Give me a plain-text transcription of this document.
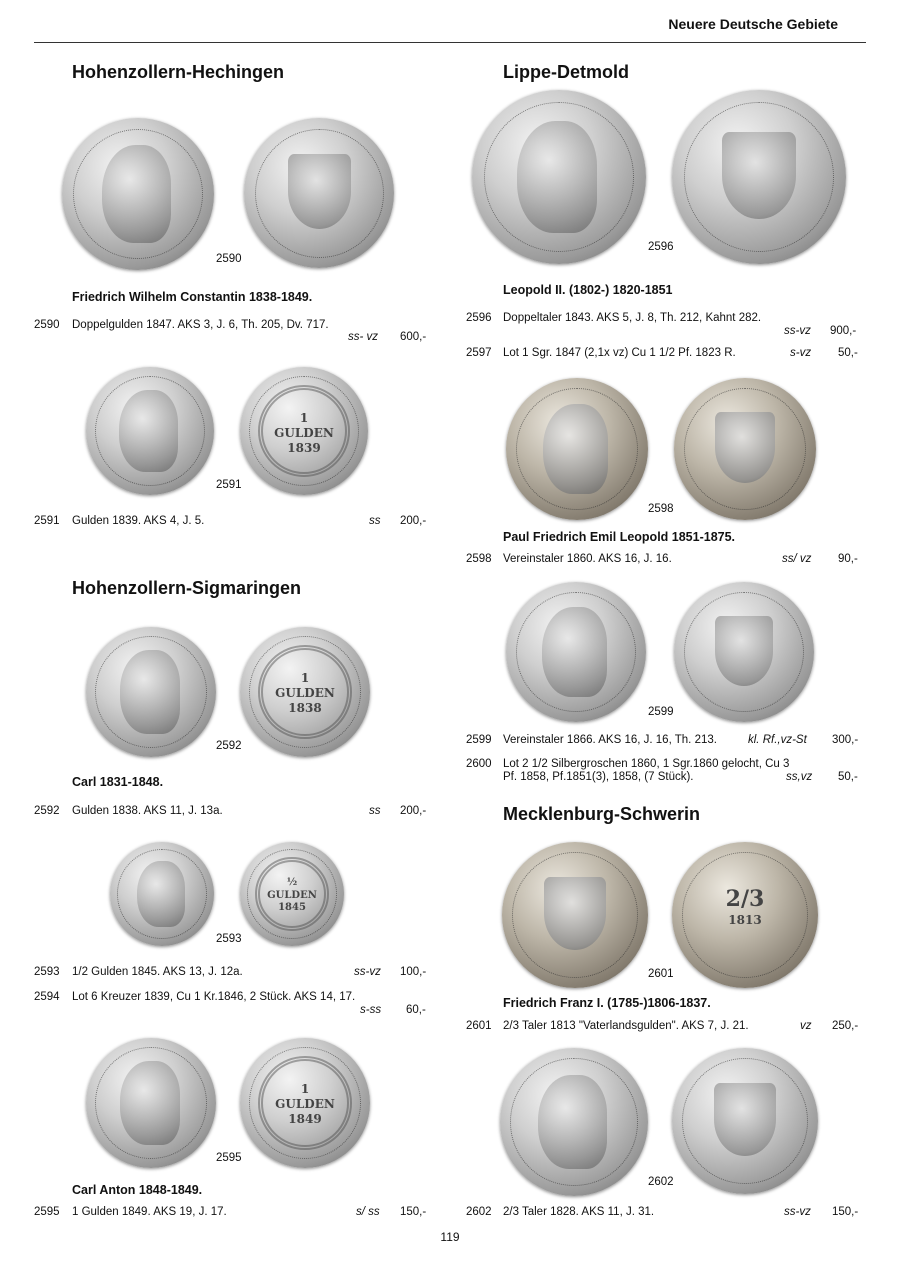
Neuere Deutsche Gebiete
Hohenzollern-Hechingen
2590
Friedrich Wilhelm Constantin 1838-1849.
2590 Doppelgulden 1847. AKS 3, J. 6, Th. 205, Dv. 717.
ss- vz 600,-
1
GULDEN
1839
2591
2591 Gulden 1839. AKS 4, J. 5.	ss 200,-
Hohenzollern-Sigmaringen
1
GULDEN
1838
2592
Carl 1831-1848.
2592 Gulden 1838. AKS 11, J. 13a.	ss 200,-
½
GULDEN
1845
2593
2593 1/2 Gulden 1845. AKS 13, J. 12a.	ss-vz 100,-
2594 Lot 6 Kreuzer 1839, Cu 1 Kr.1846, 2 Stück. AKS 14, 17.
s-ss 60,-
1
GULDEN
1849
2595
Carl Anton 1848-1849.
2595 1 Gulden 1849. AKS 19, J. 17.	s/ ss 150,-
Lippe-Detmold
2596
Leopold II. (1802-) 1820-1851
2596 Doppeltaler 1843. AKS 5, J. 8, Th. 212, Kahnt 282.
ss-vz 900,-
2597 Lot 1 Sgr. 1847 (2,1x vz) Cu 1 1/2 Pf. 1823 R.	s-vz 50,-
2598
Paul Friedrich Emil Leopold 1851-1875.
2598 Vereinstaler 1860. AKS 16, J. 16.	ss/ vz 90,-
2599
2599 Vereinstaler 1866. AKS 16, J. 16, Th. 213.	kl. Rf.,vz-St 300,-
2600 Lot 2 1/2 Silbergroschen 1860, 1 Sgr.1860 gelocht, Cu 3
Pf. 1858, Pf.1851(3), 1858, (7 Stück).	ss,vz 50,-
Mecklenburg-Schwerin
2/3
1813
2601
Friedrich Franz I. (1785-)1806-1837.
2601 2/3 Taler 1813 "Vaterlandsgulden". AKS 7, J. 21.	vz 250,-
2602
2602 2/3 Taler 1828. AKS 11, J. 31.	ss-vz 150,-
119
